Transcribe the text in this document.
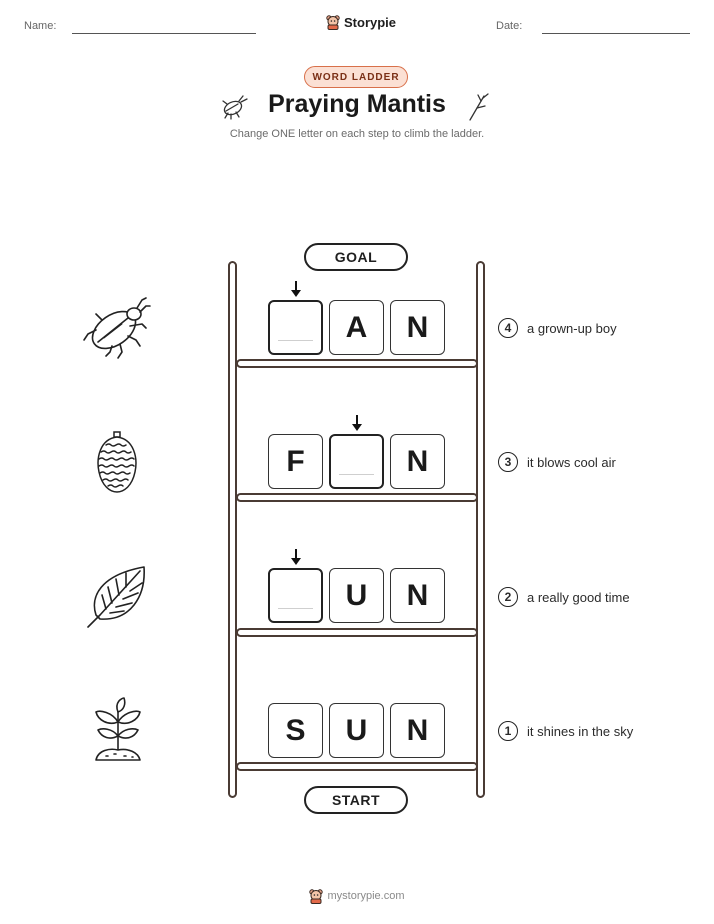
Name:	Storypie	Date:
WORD LADDER
Praying Mantis
Change ONE letter on each step to climb the ladder.
GOAL
START
A	N
F	N
U	N
S	U	N
4	a grown-up boy
3	it blows cool air
2	a really good time
1	it shines in the sky
mystorypie.com
